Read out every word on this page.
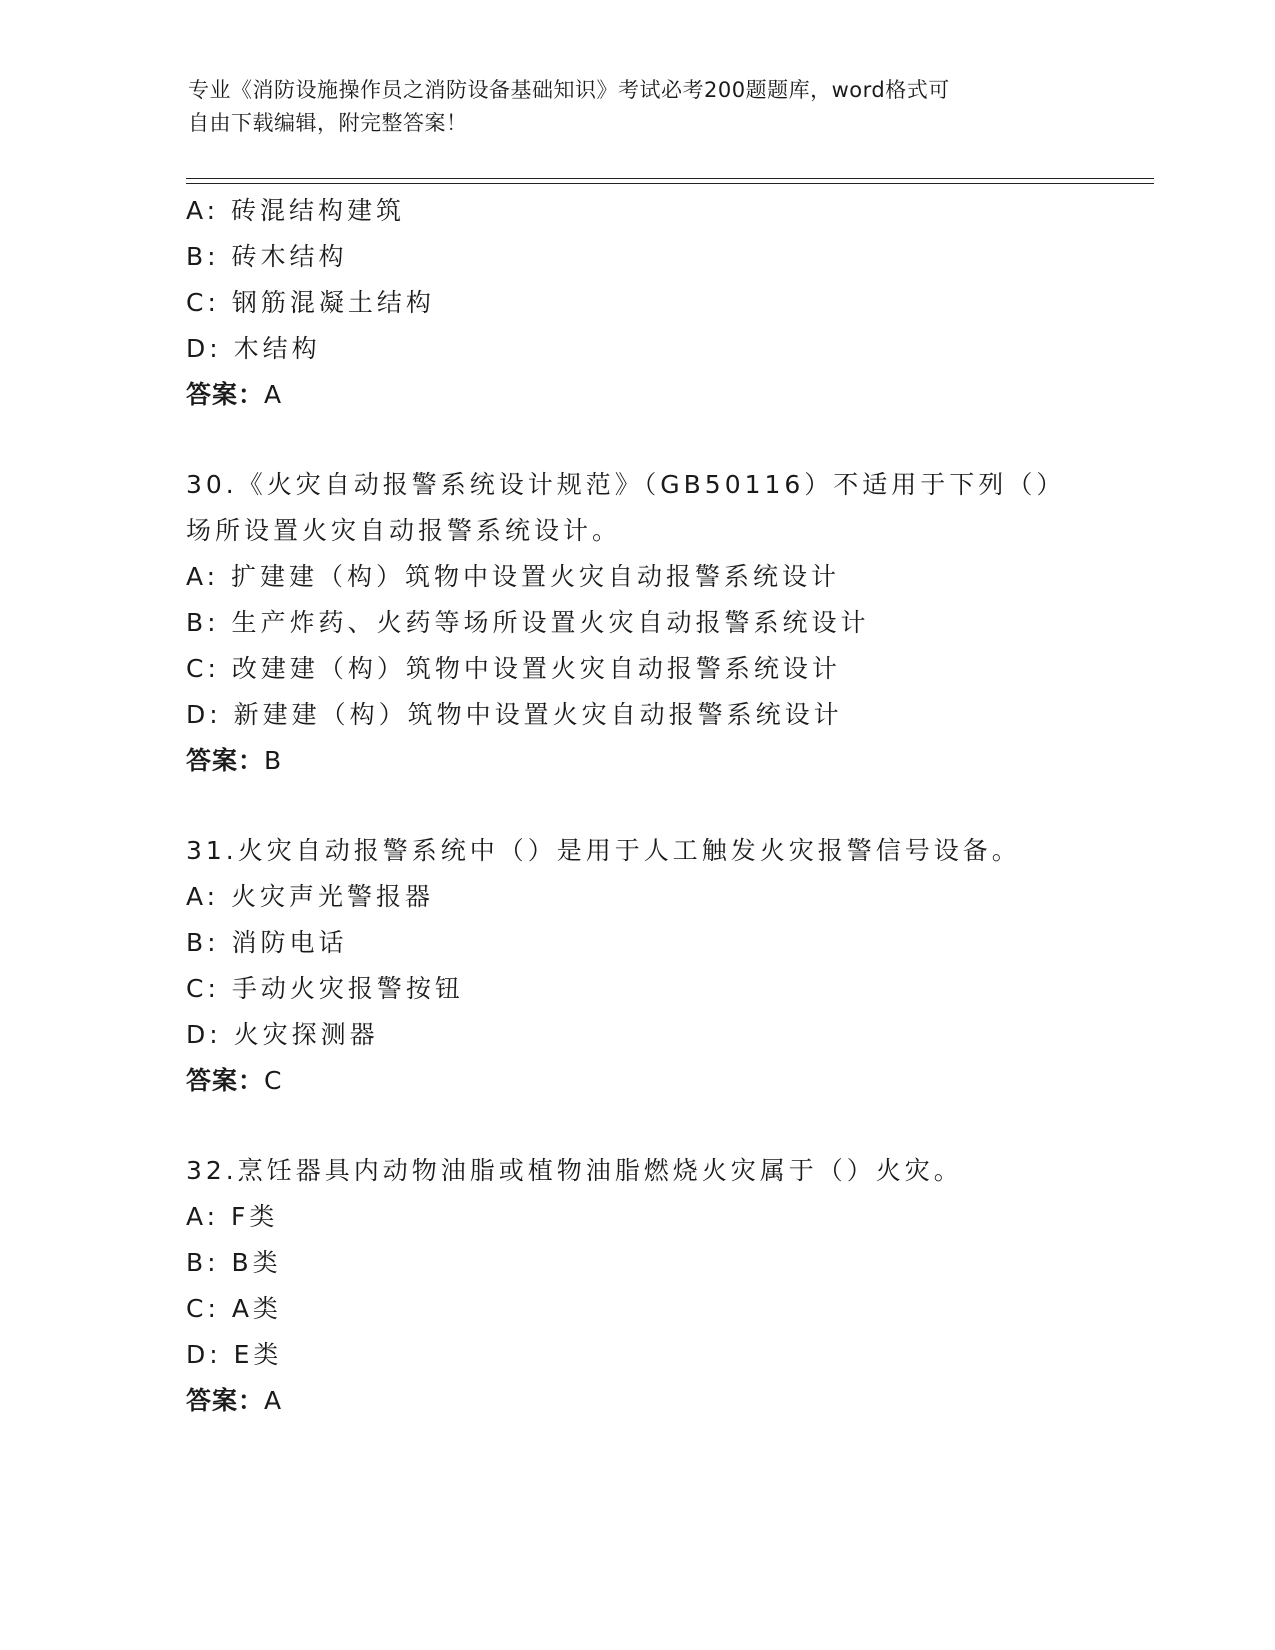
专业《消防设施操作员之消防设备基础知识》考试必考200题题库，word格式可
自由下载编辑，附完整答案！
A: 砖混结构建筑
B: 砖木结构
C: 钢筋混凝土结构
D: 木结构
答案：A
30.《火灾自动报警系统设计规范》（GB50116）不适用于下列（）场所设置火灾自动报警系统设计。
A: 扩建建（构）筑物中设置火灾自动报警系统设计
B: 生产炸药、火药等场所设置火灾自动报警系统设计
C: 改建建（构）筑物中设置火灾自动报警系统设计
D: 新建建（构）筑物中设置火灾自动报警系统设计
答案：B
31.火灾自动报警系统中（）是用于人工触发火灾报警信号设备。
A: 火灾声光警报器
B: 消防电话
C: 手动火灾报警按钮
D: 火灾探测器
答案：C
32.烹饪器具内动物油脂或植物油脂燃烧火灾属于（）火灾。
A: F类
B: B类
C: A类
D: E类
答案：A
